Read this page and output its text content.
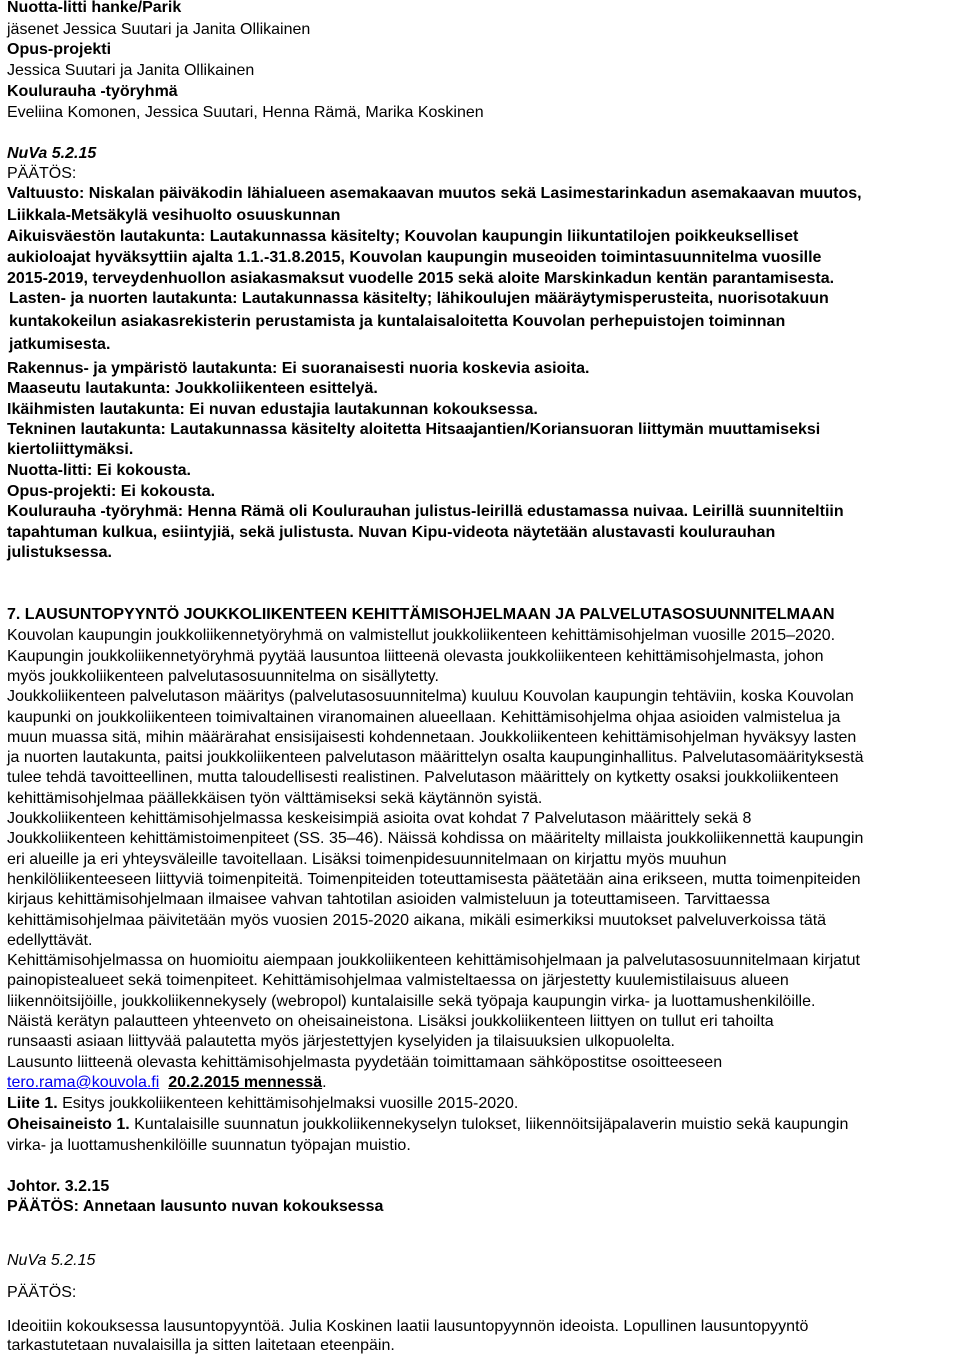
Nuotta-litti hanke/Parik
jäsenet Jessica Suutari ja Janita Ollikainen
Opus-projekti
Jessica Suutari ja Janita Ollikainen
Koulurauha -työryhmä
Eveliina Komonen, Jessica Suutari, Henna Rämä, Marika Koskinen
NuVa 5.2.15
PÄÄTÖS:
Valtuusto: Niskalan päiväkodin lähialueen asemakaavan muutos sekä Lasimestarinkadun asemakaavan muutos,
Liikkala-Metsäkylä vesihuolto osuuskunnan
Aikuisväestön lautakunta: Lautakunnassa käsitelty; Kouvolan kaupungin liikuntatilojen poikkeukselliset
aukioloajat hyväksyttiin ajalta 1.1.-31.8.2015, Kouvolan kaupungin museoiden toimintasuunnitelma vuosille
2015-2019, terveydenhuollon asiakasmaksut vuodelle 2015 sekä aloite Marskinkadun kentän parantamisesta.
Lasten- ja nuorten lautakunta: Lautakunnassa käsitelty; lähikoulujen määräytymisperusteita, nuorisotakuun
kuntakokeilun asiakasrekisterin perustamista ja kuntalaisaloitetta Kouvolan perhepuistojen toiminnan
jatkumisesta.
Rakennus- ja ympäristö lautakunta: Ei suoranaisesti nuoria koskevia asioita.
Maaseutu lautakunta: Joukkoliikenteen esittelyä.
Ikäihmisten lautakunta: Ei nuvan edustajia lautakunnan kokouksessa.
Tekninen lautakunta: Lautakunnassa käsitelty aloitetta Hitsaajantien/Koriansuoran liittymän muuttamiseksi
kiertoliittymäksi.
Nuotta-litti: Ei kokousta.
Opus-projekti: Ei kokousta.
Koulurauha -työryhmä: Henna Rämä oli Koulurauhan julistus-leirillä edustamassa nuivaa. Leirillä suunniteltiin
tapahtuman kulkua, esiintyjiä, sekä julistusta. Nuvan Kipu-videota näytetään alustavasti koulurauhan
julistuksessa.
7. LAUSUNTOPYYNTÖ JOUKKOLIIKENTEEN KEHITTÄMISOHJELMAAN JA PALVELUTASOSUUNNITELMAAN
Kouvolan kaupungin joukkoliikennetyöryhmä on valmistellut joukkoliikenteen kehittämisohjelman vuosille 2015–2020.
Kaupungin joukkoliikennetyöryhmä pyytää lausuntoa liitteenä olevasta joukkoliikenteen kehittämisohjelmasta, johon
myös joukkoliikenteen palvelutasosuunnitelma on sisällytetty.
Joukkoliikenteen palvelutason määritys (palvelutasosuunnitelma) kuuluu Kouvolan kaupungin tehtäviin, koska Kouvolan
kaupunki on joukkoliikenteen toimivaltainen viranomainen alueellaan. Kehittämisohjelma ohjaa asioiden valmistelua ja
muun muassa sitä, mihin määrärahat ensisijaisesti kohdennetaan. Joukkoliikenteen kehittämisohjelman hyväksyy lasten
ja nuorten lautakunta, paitsi joukkoliikenteen palvelutason määrittelyn osalta kaupunginhallitus. Palvelutasomäärityksestä
tulee tehdä tavoitteellinen, mutta taloudellisesti realistinen. Palvelutason määrittely on kytketty osaksi joukkoliikenteen
kehittämisohjelmaa päällekkäisen työn välttämiseksi sekä käytännön syistä.
Joukkoliikenteen kehittämisohjelmassa keskeisimpiä asioita ovat kohdat 7 Palvelutason määrittely sekä 8
Joukkoliikenteen kehittämistoimenpiteet (SS. 35–46). Näissä kohdissa on määritelty millaista joukkoliikennettä kaupungin
eri alueille ja eri yhteysväleille tavoitellaan. Lisäksi toimenpidesuunnitelmaan on kirjattu myös muuhun
henkilöliikenteeseen liittyviä toimenpiteitä. Toimenpiteiden toteuttamisesta päätetään aina erikseen, mutta toimenpiteiden
kirjaus kehittämisohjelmaan ilmaisee vahvan tahtotilan asioiden valmisteluun ja toteuttamiseen. Tarvittaessa
kehittämisohjelmaa päivitetään myös vuosien 2015-2020 aikana, mikäli esimerkiksi muutokset palveluverkoissa tätä
edellyttävät.
Kehittämisohjelmassa on huomioitu aiempaan joukkoliikenteen kehittämisohjelmaan ja palvelutasosuunnitelmaan kirjatut
painopistealueet sekä toimenpiteet. Kehittämisohjelmaa valmisteltaessa on järjestetty kuulemistilaisuus alueen
liikennöitsijöille, joukkoliikennekysely (webropol) kuntalaisille sekä työpaja kaupungin virka- ja luottamushenkilöille.
Näistä kerätyn palautteen yhteenveto on oheisaineistona. Lisäksi joukkoliikenteen liittyen on tullut eri tahoilta
runsaasti asiaan liittyvää palautetta myös järjestettyjen kyselyiden ja tilaisuuksien ulkopuolelta.
Lausunto liitteenä olevasta kehittämisohjelmasta pyydetään toimittamaan sähköpostitse osoitteeseen
tero.rama@kouvola.fi 20.2.2015 mennessä.
Liite 1. Esitys joukkoliikenteen kehittämisohjelmaksi vuosille 2015-2020.
Oheisaineisto 1. Kuntalaisille suunnatun joukkoliikennekyselyn tulokset, liikennöitsijäpalaverin muistio sekä kaupungin
virka- ja luottamushenkilöille suunnatun työpajan muistio.
Johtor. 3.2.15
PÄÄTÖS: Annetaan lausunto nuvan kokouksessa
NuVa 5.2.15
PÄÄTÖS:
Ideoitiin kokouksessa lausuntopyyntöä. Julia Koskinen laatii lausuntopyynnön ideoista. Lopullinen lausuntopyyntö
tarkastutetaan nuvalaisilla ja sitten laitetaan eteenpäin.
